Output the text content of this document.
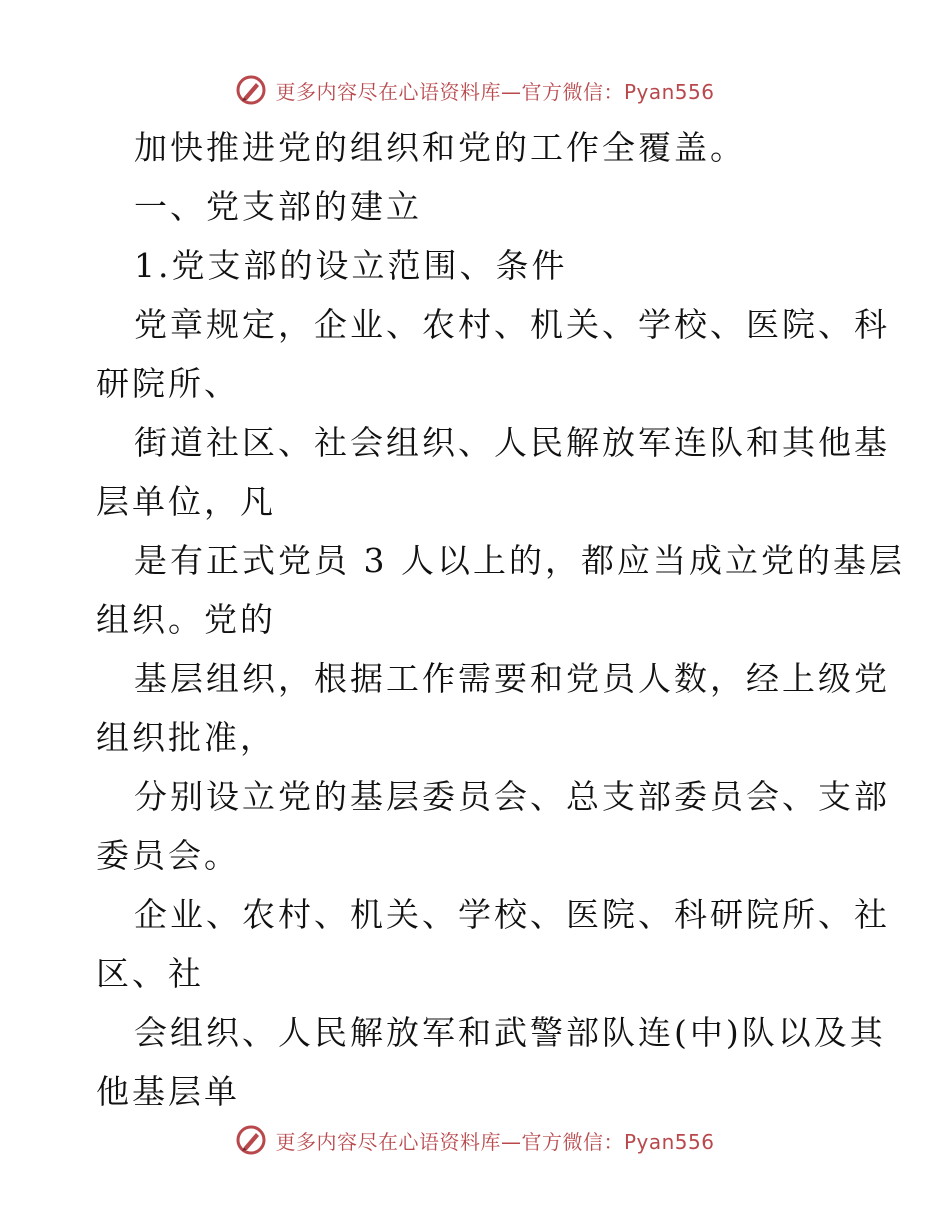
更多内容尽在心语资料库—官方微信：Pyan556
加快推进党的组织和党的工作全覆盖。
一、党支部的建立
1.党支部的设立范围、条件
党章规定，企业、农村、机关、学校、医院、科
研院所、
街道社区、社会组织、人民解放军连队和其他基
层单位，凡
是有正式党员 3 人以上的，都应当成立党的基层
组织。党的
基层组织，根据工作需要和党员人数，经上级党
组织批准，
分别设立党的基层委员会、总支部委员会、支部
委员会。
企业、农村、机关、学校、医院、科研院所、社
区、社
会组织、人民解放军和武警部队连(中)队以及其
他基层单
更多内容尽在心语资料库—官方微信：Pyan556
